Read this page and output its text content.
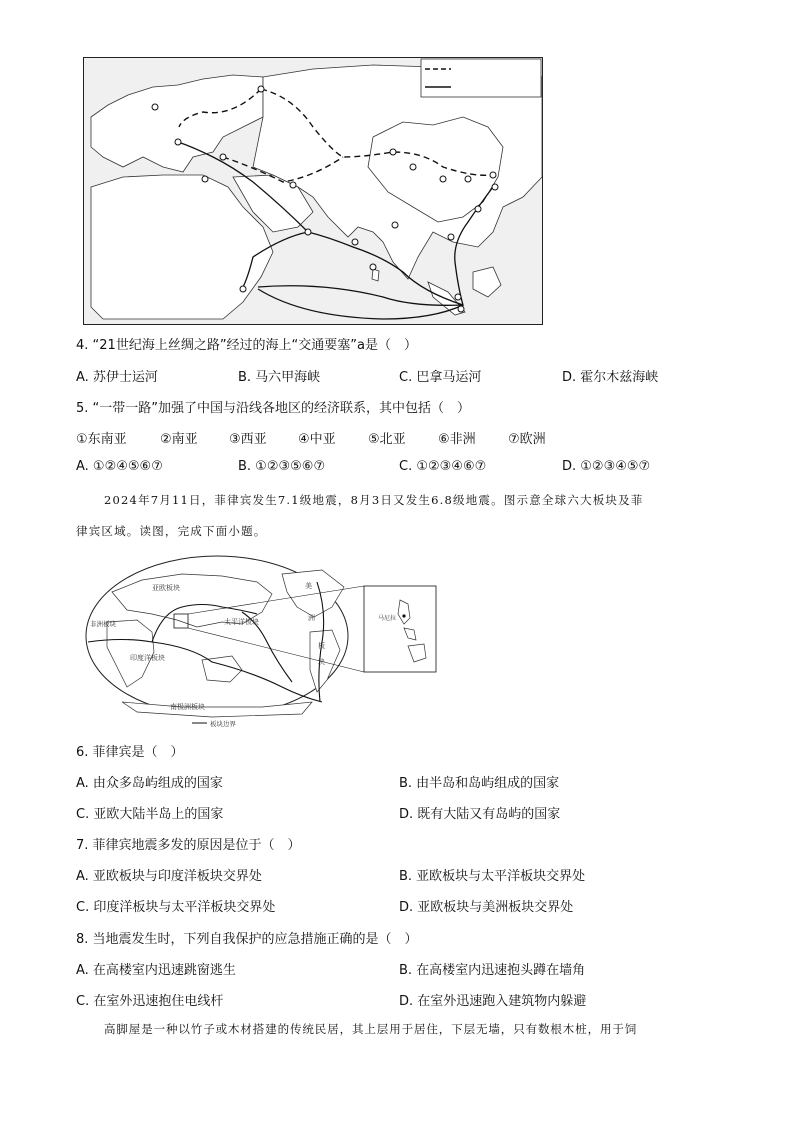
4. “21世纪海上丝绸之路”经过的海上“交通要塞”a是（　）
A. 苏伊士运河	B. 马六甲海峡	C. 巴拿马运河	D. 霍尔木兹海峡
5. “一带一路”加强了中国与沿线各地区的经济联系，其中包括（　）
①东南亚	②南亚 ③西亚 ④中亚 ⑤北亚 ⑥非洲 ⑦欧洲
A. ①②④⑤⑥⑦	B. ①②③⑤⑥⑦	C. ①②③④⑥⑦	D. ①②③④⑤⑦
2024年7月11日，菲律宾发生7.1级地震，8月3日又发生6.8级地震。图示意全球六大板块及菲
律宾区域。读图，完成下面小题。
亚欧板块	美
非洲板块	太平洋板块
印度洋板块
洲
板
块
南极洲板块
马尼拉
板块边界
6. 菲律宾是（　）
A. 由众多岛屿组成的国家	B. 由半岛和岛屿组成的国家
C. 亚欧大陆半岛上的国家	D. 既有大陆又有岛屿的国家
7. 菲律宾地震多发的原因是位于（　）
A. 亚欧板块与印度洋板块交界处	B. 亚欧板块与太平洋板块交界处
C. 印度洋板块与太平洋板块交界处	D. 亚欧板块与美洲板块交界处
8. 当地震发生时，下列自我保护的应急措施正确的是（　）
A. 在高楼室内迅速跳窗逃生	B. 在高楼室内迅速抱头蹲在墙角
C. 在室外迅速抱住电线杆	D. 在室外迅速跑入建筑物内躲避
高脚屋是一种以竹子或木材搭建的传统民居，其上层用于居住，下层无墙，只有数根木桩，用于饲
